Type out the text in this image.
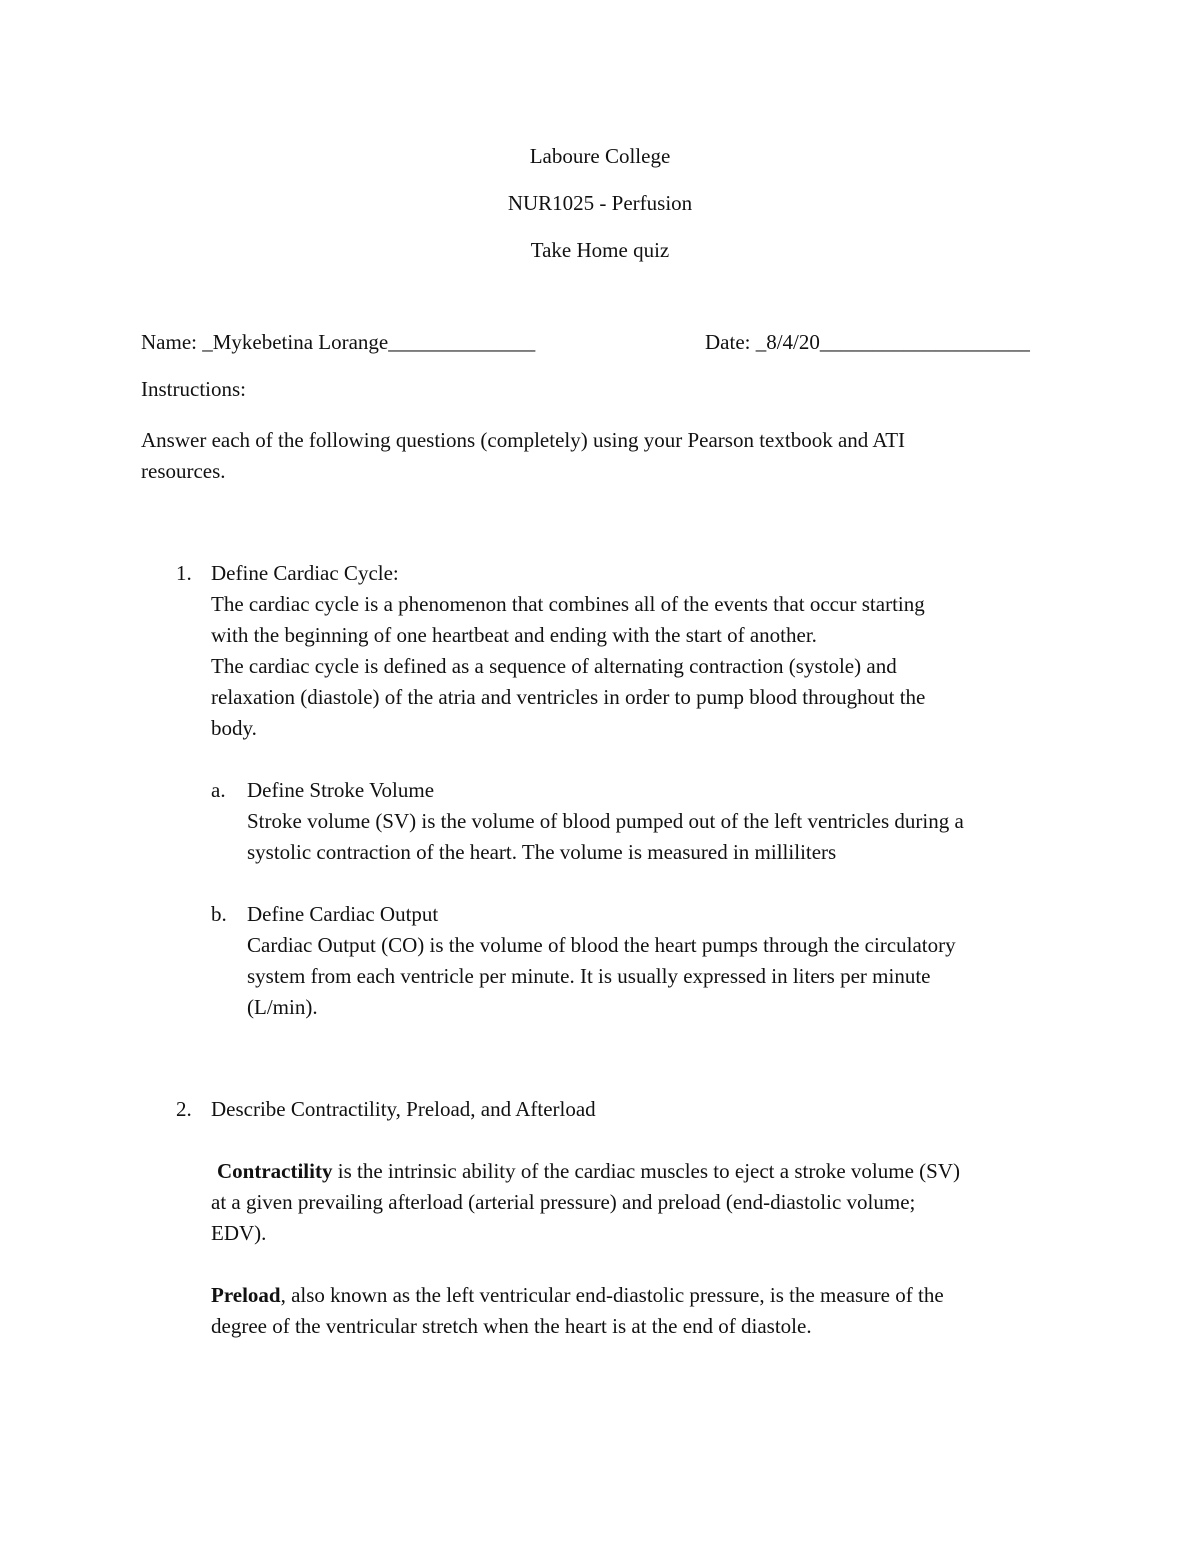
Laboure College
NUR1025 - Perfusion
Take Home quiz
Name: _Mykebetina Lorange______________	Date: _8/4/20____________________
Instructions:
Answer each of the following questions (completely) using your Pearson textbook and ATI
resources.
1. Define Cardiac Cycle:
The cardiac cycle is a phenomenon that combines all of the events that occur starting
with the beginning of one heartbeat and ending with the start of another.
The cardiac cycle is defined as a sequence of alternating contraction (systole) and
relaxation (diastole) of the atria and ventricles in order to pump blood throughout the
body.
a. Define Stroke Volume
Stroke volume (SV) is the volume of blood pumped out of the left ventricles during a
systolic contraction of the heart. The volume is measured in milliliters
b. Define Cardiac Output
Cardiac Output (CO) is the volume of blood the heart pumps through the circulatory
system from each ventricle per minute. It is usually expressed in liters per minute
(L/min).
2. Describe Contractility, Preload, and Afterload
Contractility is the intrinsic ability of the cardiac muscles to eject a stroke volume (SV)
at a given prevailing afterload (arterial pressure) and preload (end-diastolic volume;
EDV).
Preload, also known as the left ventricular end-diastolic pressure, is the measure of the
degree of the ventricular stretch when the heart is at the end of diastole.
